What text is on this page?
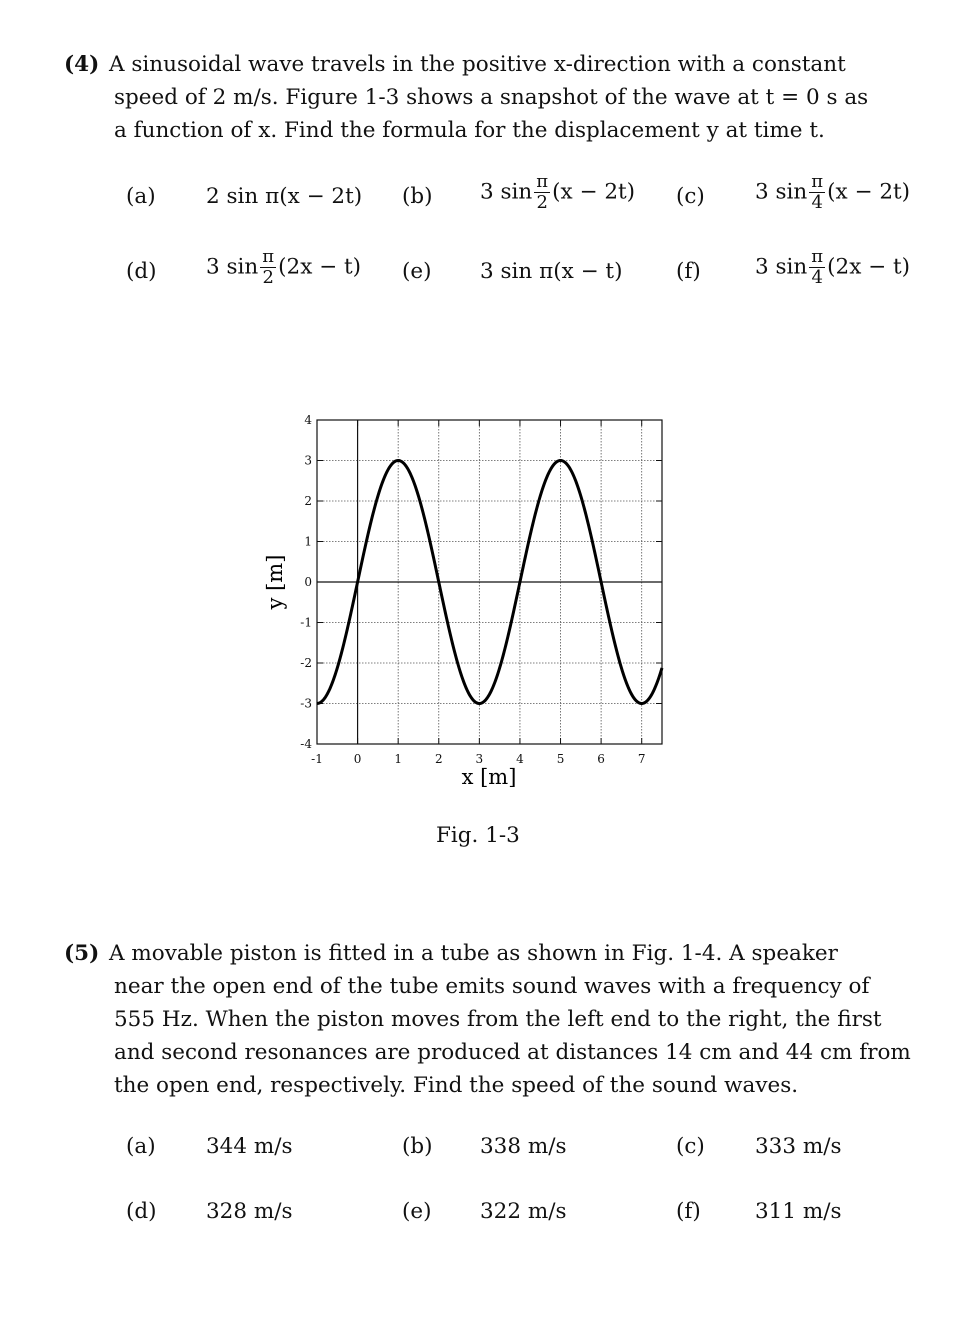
(4) A sinusoidal wave travels in the positive x-direction with a constant
speed of 2 m/s. Figure 1-3 shows a snapshot of the wave at t = 0 s as
a function of x. Find the formula for the displacement y at time t.
(a) 2 sin π(x − 2t) (b) 3 $\sin \frac{\pi}{2} (x - 2t)$ (c) 3 $\sin \frac{\pi}{4} (x - 2t)$
(d) 3 $\sin \frac{\pi}{2} (2x - t)$ (e) 3 sin π(x − t) (f)	3 $\sin \frac{\pi}{4} (2x - t)$
-1	0	1	2	3	4	5	6	7
4
3
2
1
0
-1
-2
-3
-4
x [m]
y [m]
Fig. 1-3
(5) A movable piston is fitted in a tube as shown in Fig. 1-4. A speaker
near the open end of the tube emits sound waves with a frequency of
555 Hz. When the piston moves from the left end to the right, the first
and second resonances are produced at distances 14 cm and 44 cm from
the open end, respectively. Find the speed of the sound waves.
(a) 344 m/s	(b) 338 m/s	(c) 333 m/s
(d) 328 m/s	(e) 322 m/s	(f)	311 m/s
